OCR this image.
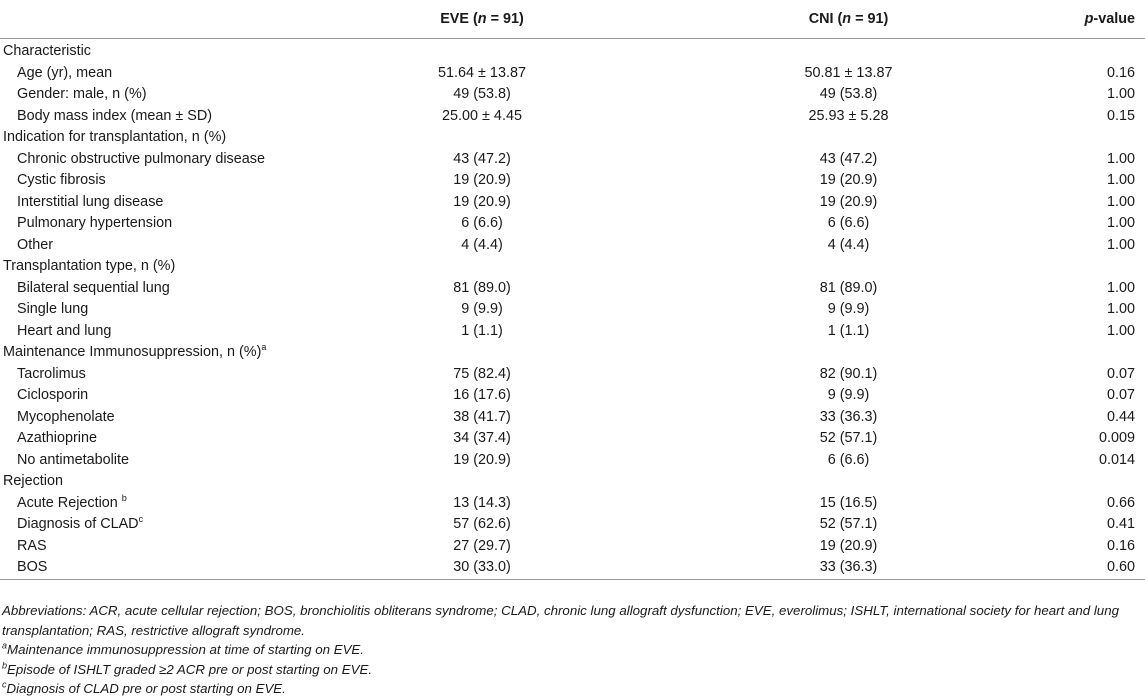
	EVE (n = 91)	CNI (n = 91)	p-value
Characteristic			
Age (yr), mean	51.64 ± 13.87	50.81 ± 13.87	0.16
Gender: male, n (%)	49 (53.8)	49 (53.8)	1.00
Body mass index (mean ± SD)	25.00 ± 4.45	25.93 ± 5.28	0.15
Indication for transplantation, n (%)			
Chronic obstructive pulmonary disease	43 (47.2)	43 (47.2)	1.00
Cystic fibrosis	19 (20.9)	19 (20.9)	1.00
Interstitial lung disease	19 (20.9)	19 (20.9)	1.00
Pulmonary hypertension	6 (6.6)	6 (6.6)	1.00
Other	4 (4.4)	4 (4.4)	1.00
Transplantation type, n (%)			
Bilateral sequential lung	81 (89.0)	81 (89.0)	1.00
Single lung	9 (9.9)	9 (9.9)	1.00
Heart and lung	1 (1.1)	1 (1.1)	1.00
Maintenance Immunosuppression, n (%)$^a$
Tacrolimus	75 (82.4)	82 (90.1)	0.07
Ciclosporin	16 (17.6)	9 (9.9)	0.07
Mycophenolate	38 (41.7)	33 (36.3)	0.44
Azathioprine	34 (37.4)	52 (57.1)	0.009
No antimetabolite	19 (20.9)	6 (6.6)	0.014
Rejection			
Acute Rejection $^b$	13 (14.3)	15 (16.5)	0.66
Diagnosis of CLAD$^c$	57 (62.6)	52 (57.1)	0.41
RAS	27 (29.7)	19 (20.9)	0.16
BOS	30 (33.0)	33 (36.3)	0.60

Abbreviations: ACR, acute cellular rejection; BOS, bronchiolitis obliterans syndrome; CLAD, chronic lung allograft dysfunction; EVE, everolimus; ISHLT, international society for heart and lung transplantation; RAS, restrictive allograft syndrome.

$^a$Maintenance immunosuppression at time of starting on EVE.

$^b$Episode of ISHLT graded ≥2 ACR pre or post starting on EVE.

$^c$Diagnosis of CLAD pre or post starting on EVE.
